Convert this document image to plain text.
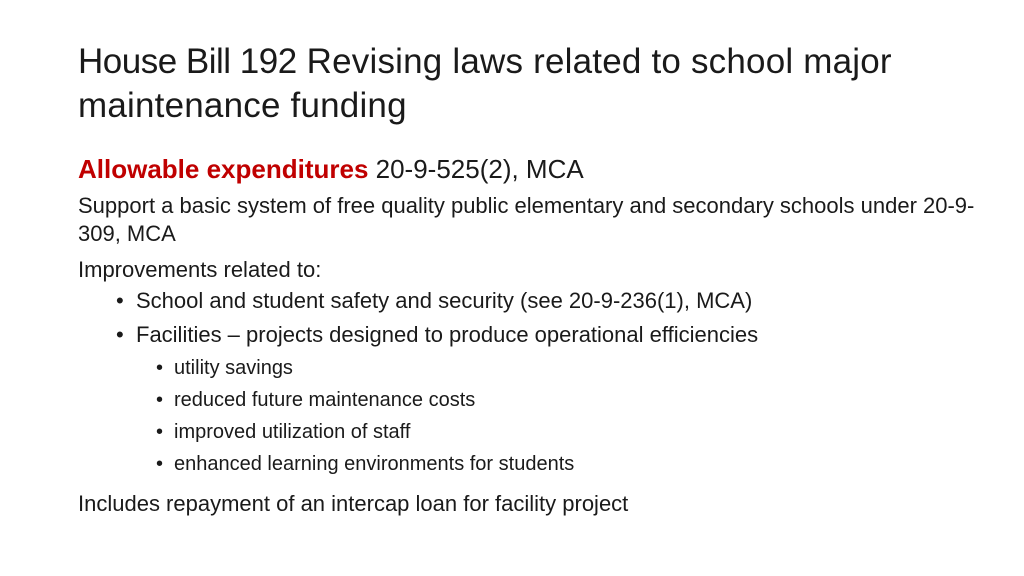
House Bill 192 Revising laws related to school major maintenance funding
Allowable expenditures 20-9-525(2), MCA
Support a basic system of free quality public elementary and secondary schools under 20-9-309, MCA
Improvements related to:
• School and student safety and security (see 20-9-236(1), MCA)
• Facilities – projects designed to produce operational efficiencies
• utility savings
• reduced future maintenance costs
• improved utilization of staff
• enhanced learning environments for students
Includes repayment of an intercap loan for facility project
